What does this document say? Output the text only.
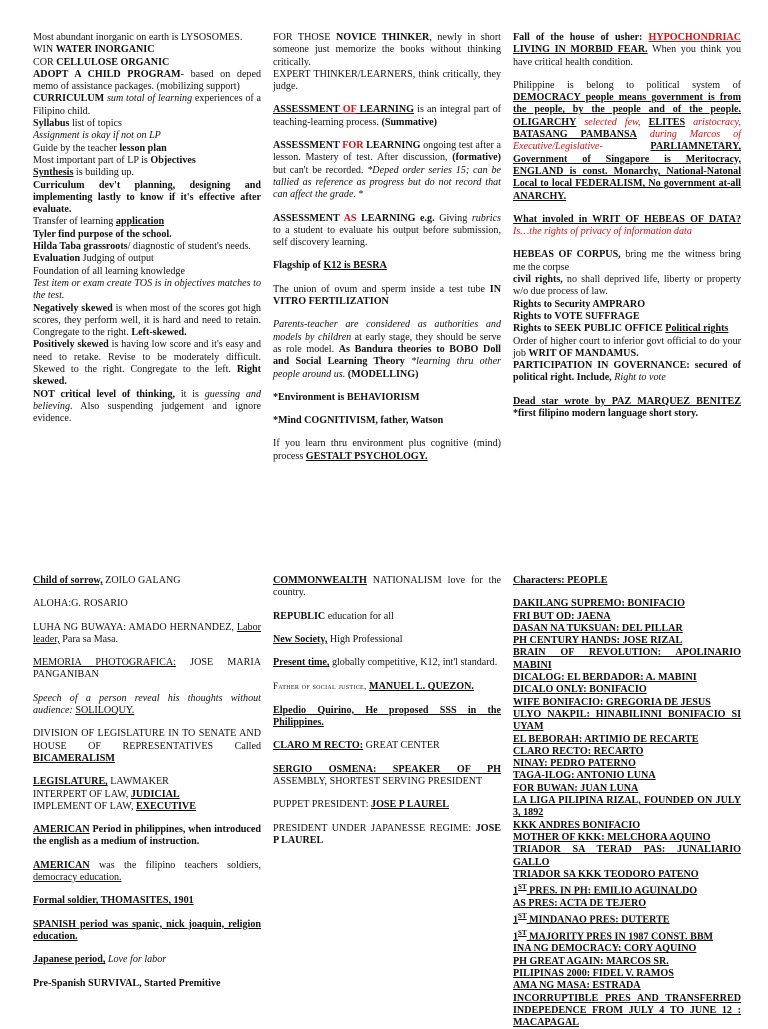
Most abundant inorganic on earth is LYSOSOMES.

WIN WATER INORGANIC

COR CELLULOSE ORGANIC

ADOPT A CHILD PROGRAM- based on deped memo of assistance packages. (mobilizing support)

CURRICULUM sum total of learning experiences of a Filipino child.

Syllabus list of topics

Assignment is okay if not on LP

Guide by the teacher lesson plan

Most important part of LP is Objectives

Synthesis is building up.

Curriculum dev't planning, designing and implementing lastly to know if it's effective after evaluate.

Transfer of learning application

Tyler find purpose of the school.

Hilda Taba grassroots/ diagnostic of student's needs.

Evaluation Judging of output

Foundation of all learning knowledge

Test item or exam create TOS is in objectives matches to the test.

Negatively skewed is when most of the scores got high scores, they perform well, it is hard and need to retain. Congregate to the right. Left-skewed.

Positively skewed is having low score and it's easy and need to retake. Revise to be moderately difficult. Skewed to the right. Congregate to the left. Right skewed.

NOT critical level of thinking, it is guessing and believing. Also suspending judgement and ignore evidence.

FOR THOSE NOVICE THINKER, newly in short someone just memorize the books without thinking critically.

EXPERT THINKER/LEARNERS, think critically, they judge.

ASSESSMENT OF LEARNING is an integral part of teaching-learning process. (Summative)

ASSESSMENT FOR LEARNING ongoing test after a lesson. Mastery of test. After discussion, (formative) but can't be recorded. *Deped order series 15; can be tallied as reference as progress but do not record that can affect the grade. *

ASSESSMENT AS LEARNING e.g. Giving rubrics to a student to evaluate his output before submission, self discovery learning.

Flagship of K12 is BESRA

The union of ovum and sperm inside a test tube IN VITRO FERTILIZATION

Parents-teacher are considered as authorities and models by children at early stage, they should be serve as role model. As Bandura theories to BOBO Doll and Social Learning Theory *learning thru other people around us. (MODELLING)

*Environment is BEHAVIORISM

*Mind COGNITIVISM, father, Watson

If you learn thru environment plus cognitive (mind) process GESTALT PSYCHOLOGY.

Fall of the house of usher: HYPOCHONDRIAC LIVING IN MORBID FEAR. When you think you have critical health condition.

Philippine is belong to political system of DEMOCRACY people means government is from the people, by the people and of the people. OLIGARCHY selected few, ELITES aristocracy, BATASANG PAMBANSA during Marcos of Executive/Legislative-	PARLIAMNETARY, Government of Singapore is Meritocracy, ENGLAND is const. Monarchy, National-Natonal Local to local FEDERALISM, No government at-all ANARCHY.

What involed in WRIT OF HEBEAS OF DATA? Is…the rights of privacy of information data

HEBEAS OF CORPUS, bring me the witness bring me the corpse

civil rights, no shall deprived life, liberty or property w/o due process of law.

Rights to Security AMPRARO

Rights to VOTE SUFFRAGE

Rights to SEEK PUBLIC OFFICE Political rights

Order of higher court to inferior govt official to do your job WRIT OF MANDAMUS.

PARTICIPATION IN GOVERNANCE: secured of political right. Include, Right to vote

Dead star wrote by PAZ MARQUEZ BENITEZ *first filipino modern language short story.

Child of sorrow, ZOILO GALANG

ALOHA:G. ROSARIO

LUHA NG BUWAYA: AMADO HERNANDEZ, Labor leader, Para sa Masa.

MEMORIA PHOTOGRAFICA: JOSE MARIA PANGANIBAN

Speech of a person reveal his thoughts without audience: SOLILOQUY.

DIVISION OF LEGISLATURE IN TO SENATE AND HOUSE OF REPRESENTATIVES Called BICAMERALISM

LEGISLATURE, LAWMAKER

INTERPERT OF LAW, JUDICIAL

IMPLEMENT OF LAW, EXECUTIVE

AMERICAN Period in philippines, when introduced the english as a medium of instruction.

AMERICAN was the filipino teachers soldiers, democracy education.

Formal soldier, THOMASITES, 1901

SPANISH period was spanic, nick joaquin, religion education.

Japanese period, Love for labor

Pre-Spanish SURVIVAL, Started Premitive

COMMONWEALTH NATIONALISM love for the country.

REPUBLIC education for all

New Society, High Professional

Present time, globally competitive, K12, int'l standard.

Father of social justice, MANUEL L. QUEZON.

Elpedio Quirino, He proposed SSS in the Philippines.

CLARO M RECTO: GREAT CENTER

SERGIO OSMENA: SPEAKER OF PH ASSEMBLY, SHORTEST SERVING PRESIDENT

PUPPET PRESIDENT: JOSE P LAUREL

PRESIDENT UNDER JAPANESSE REGIME: JOSE P LAUREL

Characters: PEOPLE

DAKILANG SUPREMO: BONIFACIO

FRI BUT OD: JAENA

DASAN NA TUKSUAN: DEL PILLAR

PH CENTURY HANDS: JOSE RIZAL

BRAIN OF REVOLUTION: APOLINARIO MABINI

DICALOG: EL BERDADOR: A. MABINI

DICALO ONLY: BONIFACIO

WIFE BONIFACIO: GREGORIA DE JESUS

ULYO NAKPIL: HINABILINNI BONIFACIO SI UYAM

EL BEBORAH: ARTIMIO DE RECARTE

CLARO RECTO: RECARTO

NINAY: PEDRO PATERNO

TAGA-ILOG: ANTONIO LUNA

FOR BUWAN: JUAN LUNA

LA LIGA PILIPINA RIZAL, FOUNDED ON JULY 3, 1892

KKK ANDRES BONIFACIO

MOTHER OF KKK: MELCHORA AQUINO

TRIADOR SA TERAD PAS: JUNALIARIO GALLO

TRIADOR SA KKK TEODORO PATENO

1ST PRES. IN PH: EMILIO AGUINALDO

AS PRES: ACTA DE TEJERO

1ST MINDANAO PRES: DUTERTE

1ST MAJORITY PRES IN 1987 CONST. BBM

INA NG DEMOCRACY: CORY AQUINO

PH GREAT AGAIN: MARCOS SR.

PILIPINAS 2000: FIDEL V. RAMOS

AMA NG MASA: ESTRADA

INCORRUPTIBLE PRES AND TRANSFERRED INDEPEDENCE FROM JULY 4 TO JUNE 12 : MACAPAGAL
